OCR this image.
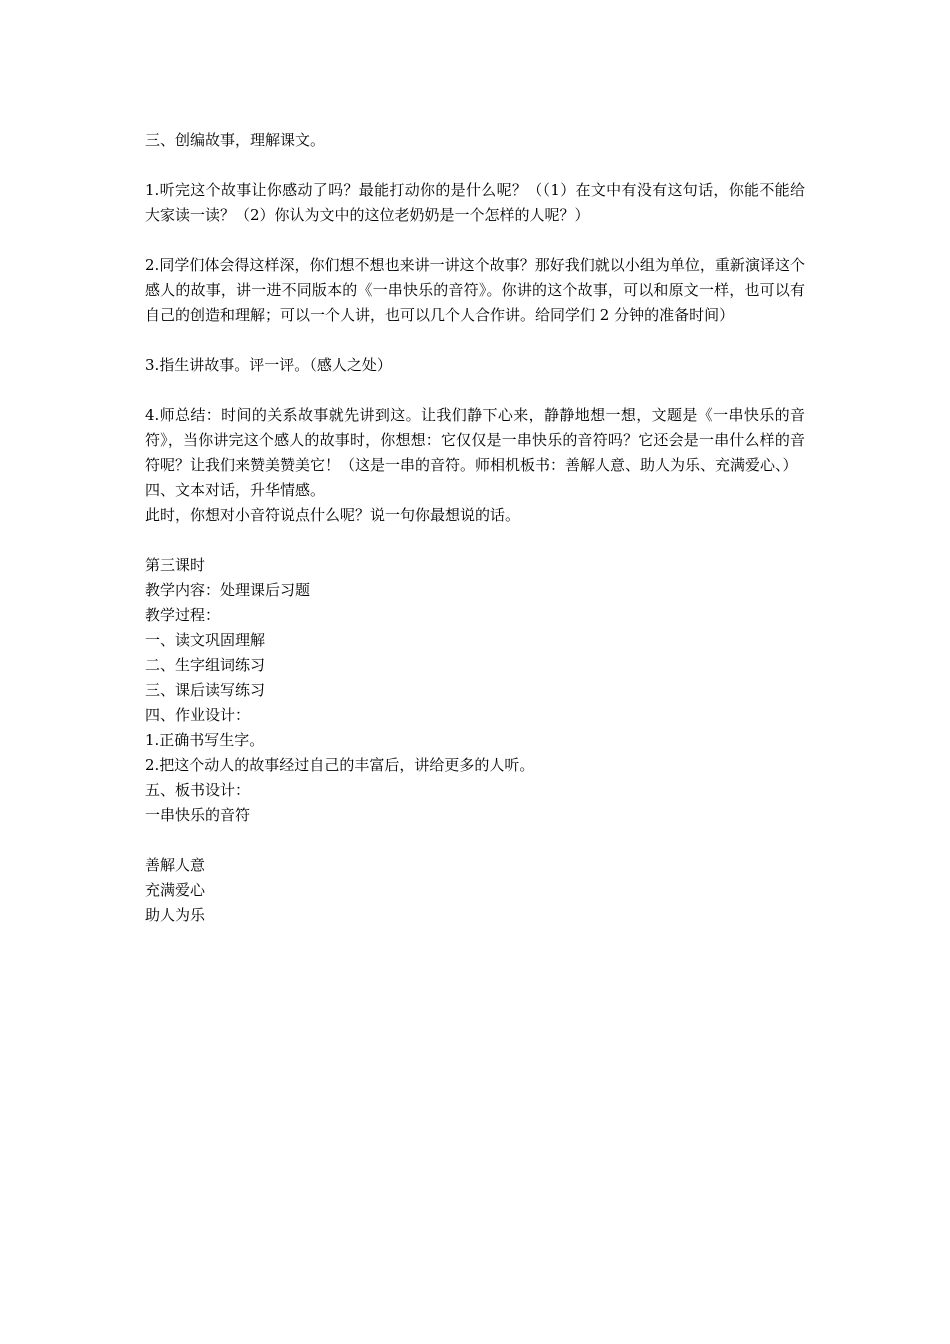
三、创编故事，理解课文。

1.听完这个故事让你感动了吗？最能打动你的是什么呢？（（1）在文中有没有这句话，你能不能给大家读一读？（2）你认为文中的这位老奶奶是一个怎样的人呢？）

2.同学们体会得这样深，你们想不想也来讲一讲这个故事？那好我们就以小组为单位，重新演译这个感人的故事，讲一进不同版本的《一串快乐的音符》。你讲的这个故事，可以和原文一样，也可以有自己的创造和理解；可以一个人讲，也可以几个人合作讲。给同学们 2 分钟的准备时间）

3.指生讲故事。评一评。（感人之处）

4.师总结：时间的关系故事就先讲到这。让我们静下心来，静静地想一想，文题是《一串快乐的音符》，当你讲完这个感人的故事时，你想想：它仅仅是一串快乐的音符吗？它还会是一串什么样的音符呢？让我们来赞美赞美它！（这是一串的音符。师相机板书：善解人意、助人为乐、充满爱心、）

四、文本对话，升华情感。

此时，你想对小音符说点什么呢？说一句你最想说的话。

第三课时

教学内容：处理课后习题

教学过程：

一、读文巩固理解

二、生字组词练习

三、课后读写练习

四、作业设计：

1.正确书写生字。

2.把这个动人的故事经过自己的丰富后，讲给更多的人听。

五、板书设计：

一串快乐的音符

善解人意

充满爱心

助人为乐
